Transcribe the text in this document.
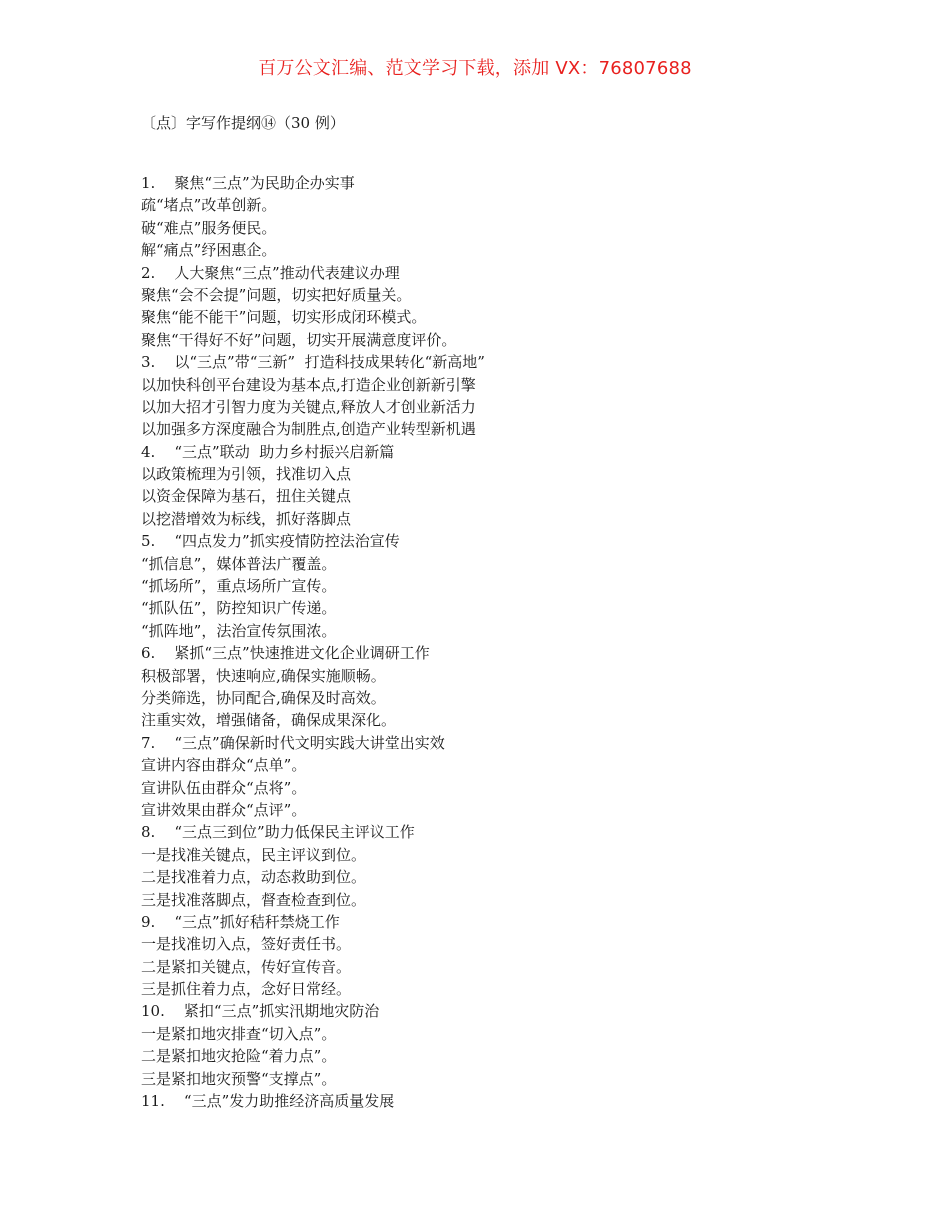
百万公文汇编、范文学习下载，添加 VX：76807688
〔点〕字写作提纲⑭（30 例）
1.    聚焦“三点”为民助企办实事
疏“堵点”改革创新。
破“难点”服务便民。
解“痛点”纾困惠企。
2.    人大聚焦“三点”推动代表建议办理
聚焦“会不会提”问题，切实把好质量关。
聚焦“能不能干”问题，切实形成闭环模式。
聚焦“干得好不好”问题，切实开展满意度评价。
3.    以“三点”带“三新”  打造科技成果转化“新高地”
以加快科创平台建设为基本点,打造企业创新新引擎
以加大招才引智力度为关键点,释放人才创业新活力
以加强多方深度融合为制胜点,创造产业转型新机遇
4.    “三点”联动  助力乡村振兴启新篇
以政策梳理为引领，找准切入点
以资金保障为基石，扭住关键点
以挖潜增效为标线，抓好落脚点
5.    “四点发力”抓实疫情防控法治宣传
“抓信息”，媒体普法广覆盖。
“抓场所”，重点场所广宣传。
“抓队伍”，防控知识广传递。
“抓阵地”，法治宣传氛围浓。
6.    紧抓“三点”快速推进文化企业调研工作
积极部署，快速响应,确保实施顺畅。
分类筛选，协同配合,确保及时高效。
注重实效，增强储备，确保成果深化。
7.    “三点”确保新时代文明实践大讲堂出实效
宣讲内容由群众“点单”。
宣讲队伍由群众“点将”。
宣讲效果由群众“点评”。
8.    “三点三到位”助力低保民主评议工作
一是找准关键点，民主评议到位。
二是找准着力点，动态救助到位。
三是找准落脚点，督查检查到位。
9.    “三点”抓好秸秆禁烧工作
一是找准切入点，签好责任书。
二是紧扣关键点，传好宣传音。
三是抓住着力点，念好日常经。
10.    紧扣“三点”抓实汛期地灾防治
一是紧扣地灾排查“切入点”。
二是紧扣地灾抢险“着力点”。
三是紧扣地灾预警“支撑点”。
11.    “三点”发力助推经济高质量发展
